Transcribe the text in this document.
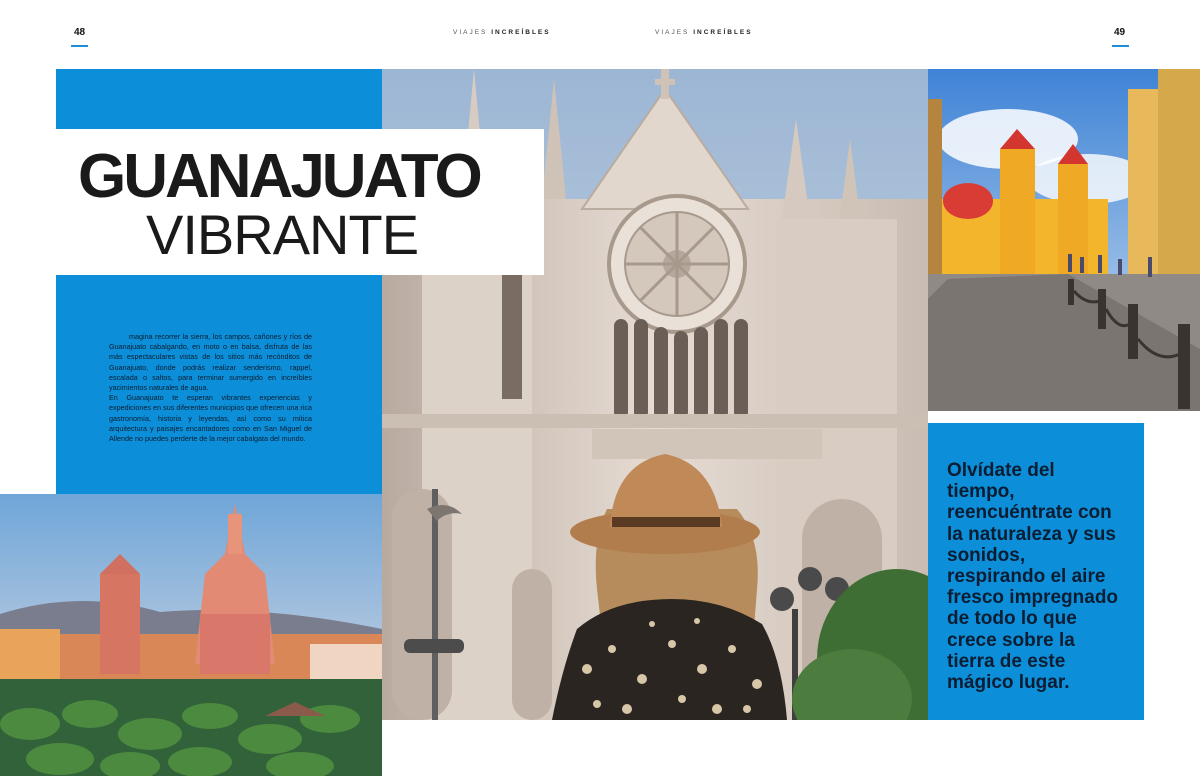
48	VIAJES INCREÍBLES	VIAJES INCREÍBLES	49
GUANAJUATO
VIBRANTE

magina recorrer la sierra, los campos, cañones y ríos de Guanajuato cabalgando, en moto o en balsa, disfruta de las más espectaculares vistas de los sitios más recónditos de Guanajuato, donde podrás realizar senderismo, rappel, escalada o saltos, para terminar sumergido en increíbles yacimientos naturales de agua.

En Guanajuato te esperan vibrantes experiencias y expediciones en sus diferentes municipios que ofrecen una rica gastronomía, historia y leyendas, así como su mítica arquitectura y paisajes encantadores como en San Miguel de Allende no puedes perderte de la mejor cabalgata del mundo.

Olvídate del tiempo, reencuéntrate con la naturaleza y sus sonidos, respirando el aire fresco impregnado de todo lo que crece sobre la tierra de este mágico lugar.
